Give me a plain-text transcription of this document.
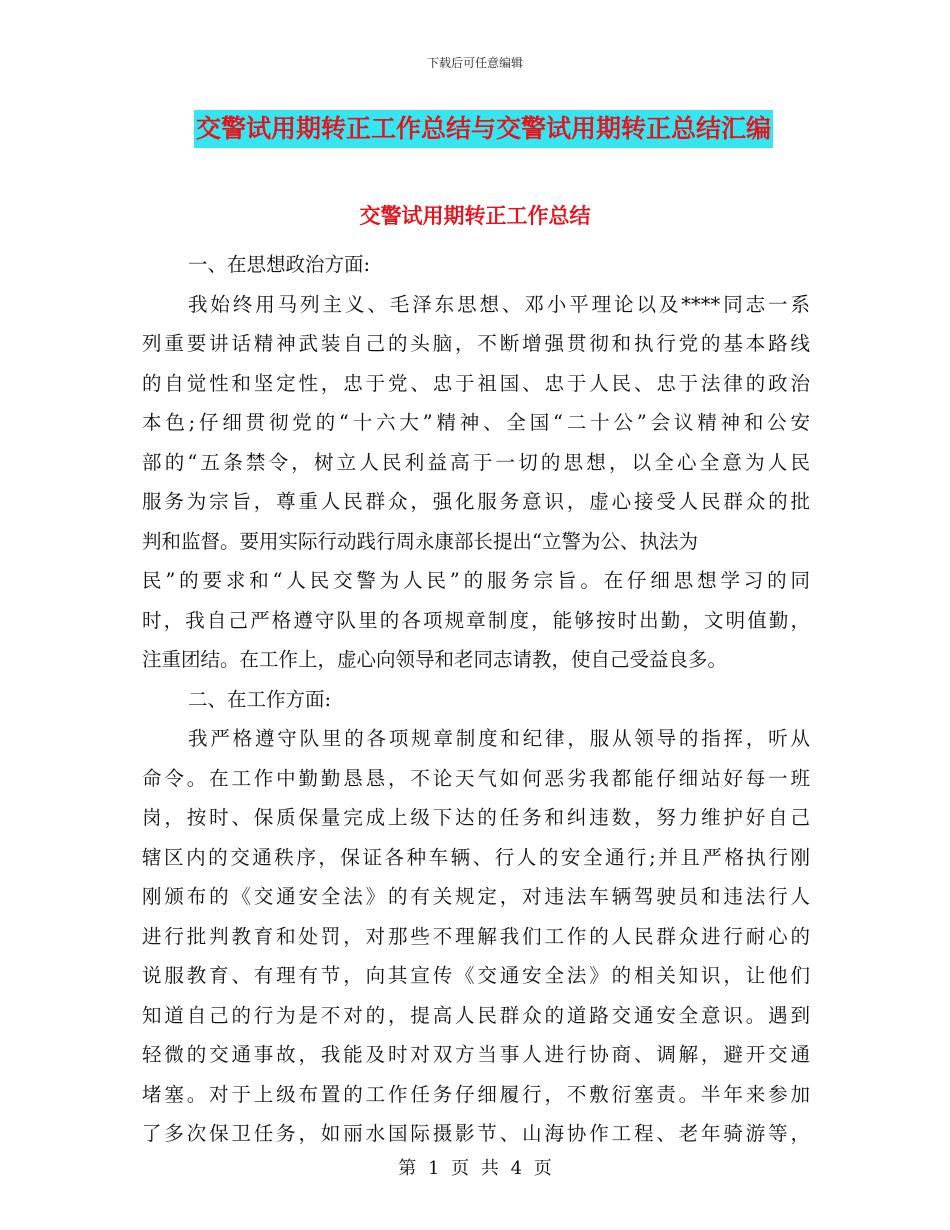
下载后可任意编辑
交警试用期转正工作总结与交警试用期转正总结汇编
交警试用期转正工作总结
一、在思想政治方面:
我始终用马列主义、毛泽东思想、邓小平理论以及****同志一系
列重要讲话精神武装自己的头脑，不断增强贯彻和执行党的基本路线
的自觉性和坚定性，忠于党、忠于祖国、忠于人民、忠于法律的政治
本色;仔细贯彻党的“十六大”精神、全国“二十公”会议精神和公安
部的“五条禁令，树立人民利益高于一切的思想，以全心全意为人民
服务为宗旨，尊重人民群众，强化服务意识，虚心接受人民群众的批
判和监督。要用实际行动践行周永康部长提出“立警为公、执法为
民”的要求和“人民交警为人民”的服务宗旨。在仔细思想学习的同
时，我自己严格遵守队里的各项规章制度，能够按时出勤，文明值勤，
注重团结。在工作上，虚心向领导和老同志请教，使自己受益良多。
二、在工作方面:
我严格遵守队里的各项规章制度和纪律，服从领导的指挥，听从
命令。在工作中勤勤恳恳，不论天气如何恶劣我都能仔细站好每一班
岗，按时、保质保量完成上级下达的任务和纠违数，努力维护好自己
辖区内的交通秩序，保证各种车辆、行人的安全通行;并且严格执行刚
刚颁布的《交通安全法》的有关规定，对违法车辆驾驶员和违法行人
进行批判教育和处罚，对那些不理解我们工作的人民群众进行耐心的
说服教育、有理有节，向其宣传《交通安全法》的相关知识，让他们
知道自己的行为是不对的，提高人民群众的道路交通安全意识。遇到
轻微的交通事故，我能及时对双方当事人进行协商、调解，避开交通
堵塞。对于上级布置的工作任务仔细履行，不敷衍塞责。半年来参加
了多次保卫任务，如丽水国际摄影节、山海协作工程、老年骑游等，
第 1 页 共 4 页
